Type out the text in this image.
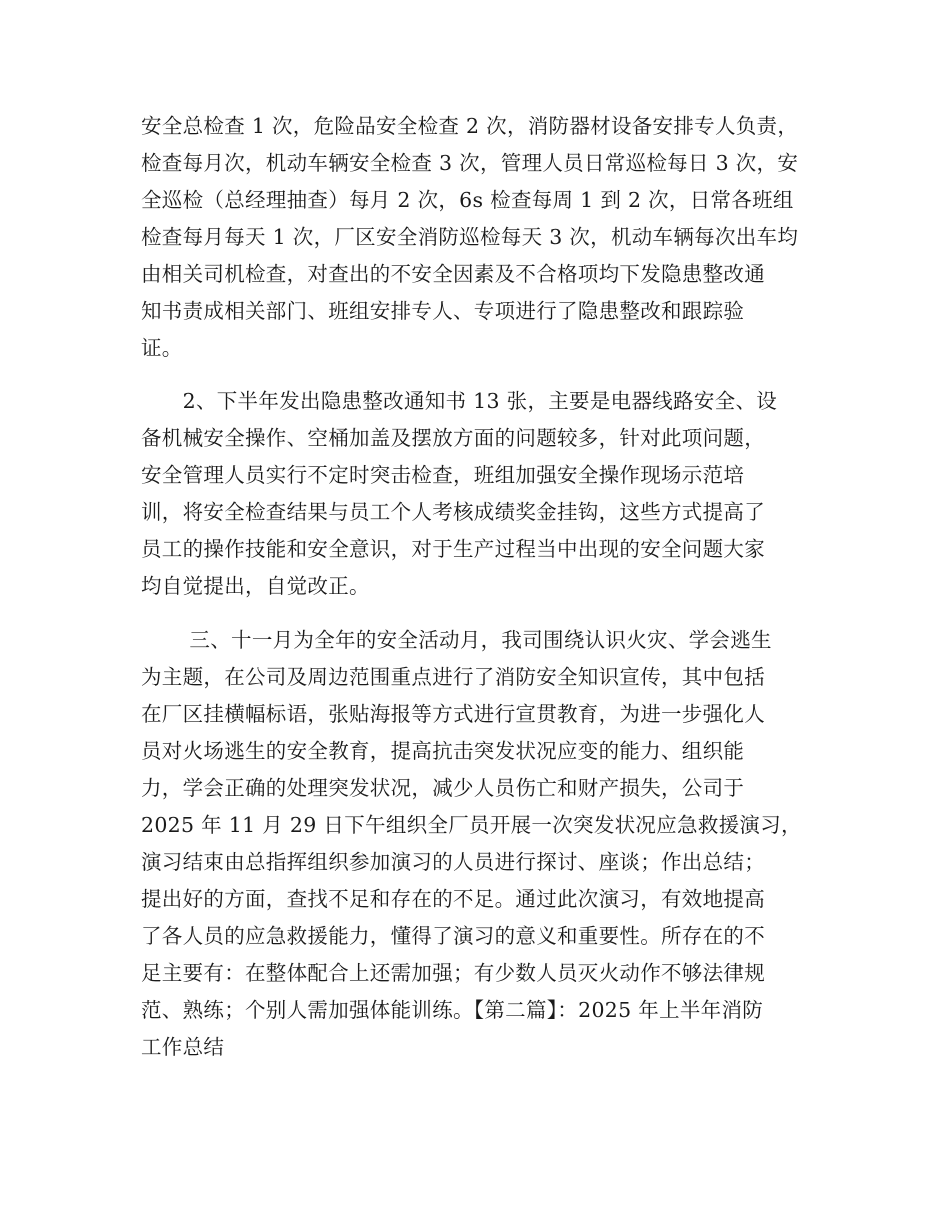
安全总检查 1 次，危险品安全检查 2 次，消防器材设备安排专人负责，
检查每月次，机动车辆安全检查 3 次，管理人员日常巡检每日 3 次，安
全巡检（总经理抽查）每月 2 次，6s 检查每周 1 到 2 次，日常各班组
检查每月每天 1 次，厂区安全消防巡检每天 3 次，机动车辆每次出车均
由相关司机检查，对查出的不安全因素及不合格项均下发隐患整改通
知书责成相关部门、班组安排专人、专项进行了隐患整改和跟踪验
证。
　　2、下半年发出隐患整改通知书 13 张，主要是电器线路安全、设
备机械安全操作、空桶加盖及摆放方面的问题较多，针对此项问题，
安全管理人员实行不定时突击检查，班组加强安全操作现场示范培
训，将安全检查结果与员工个人考核成绩奖金挂钩，这些方式提高了
员工的操作技能和安全意识，对于生产过程当中出现的安全问题大家
均自觉提出，自觉改正。
　　 三、十一月为全年的安全活动月，我司围绕认识火灾、学会逃生
为主题，在公司及周边范围重点进行了消防安全知识宣传，其中包括
在厂区挂横幅标语，张贴海报等方式进行宣贯教育，为进一步强化人
员对火场逃生的安全教育，提高抗击突发状况应变的能力、组织能
力，学会正确的处理突发状况，减少人员伤亡和财产损失，公司于
2025 年 11 月 29 日下午组织全厂员开展一次突发状况应急救援演习，
演习结束由总指挥组织参加演习的人员进行探讨、座谈；作出总结；
提出好的方面，查找不足和存在的不足。通过此次演习，有效地提高
了各人员的应急救援能力，懂得了演习的意义和重要性。所存在的不
足主要有：在整体配合上还需加强；有少数人员灭火动作不够法律规
范、熟练；个别人需加强体能训练。【第二篇】：2025 年上半年消防
工作总结
